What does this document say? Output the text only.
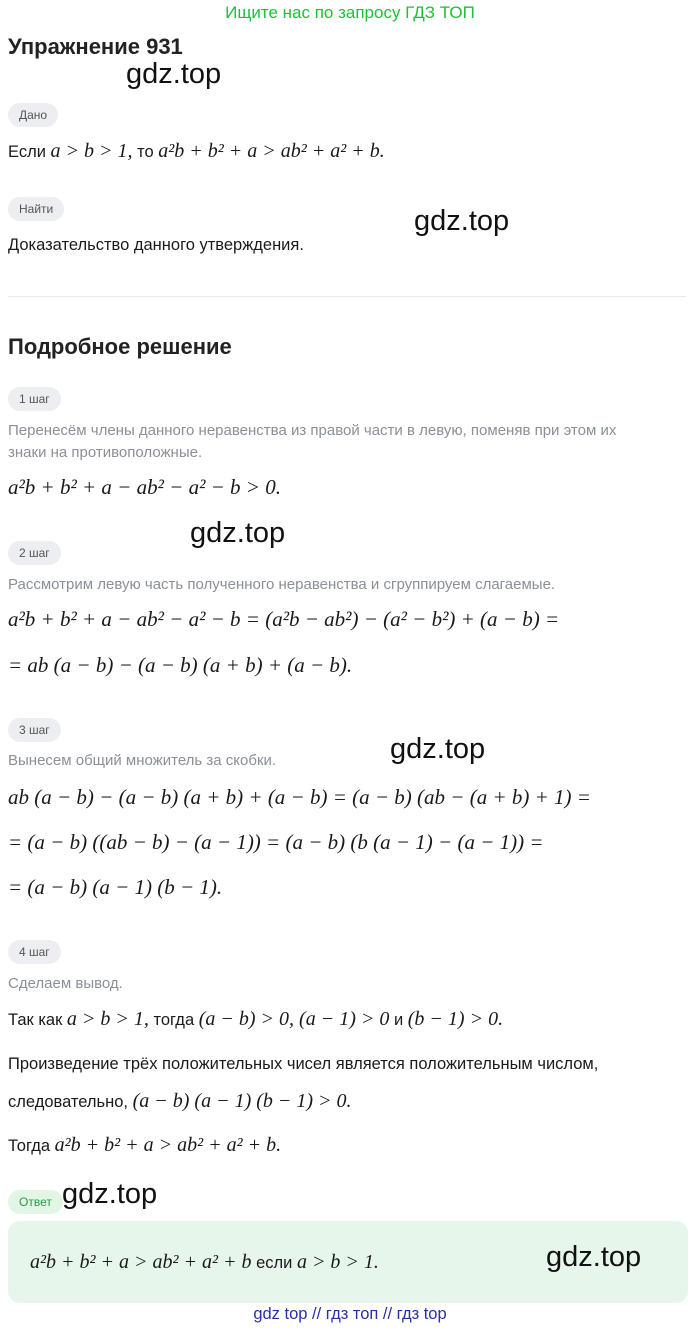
Ищите нас по запросу ГДЗ ТОП
Упражнение 931
gdz.top
Дано
Если a > b > 1, то a²b + b² + a > ab² + a² + b.
Найти	gdz.top
Доказательство данного утверждения.
Подробное решение
1 шаг
Перенесём члены данного неравенства из правой части в левую, поменяв при этом их
знаки на противоположные.
a²b + b² + a − ab² − a² − b > 0.
gdz.top
2 шаг
Рассмотрим левую часть полученного неравенства и сгруппируем слагаемые.
a²b + b² + a − ab² − a² − b = (a²b − ab²) − (a² − b²) + (a − b) =
= ab (a − b) − (a − b) (a + b) + (a − b).
3 шаг
gdz.top
Вынесем общий множитель за скобки.
ab (a − b) − (a − b) (a + b) + (a − b) = (a − b) (ab − (a + b) + 1) =
= (a − b) ((ab − b) − (a − 1)) = (a − b) (b (a − 1) − (a − 1)) =
= (a − b) (a − 1) (b − 1).
4 шаг
Сделаем вывод.
Так как a > b > 1, тогда (a − b) > 0, (a − 1) > 0 и (b − 1) > 0.
Произведение трёх положительных чисел является положительным числом,
следовательно, (a − b) (a − 1) (b − 1) > 0.
Тогда a²b + b² + a > ab² + a² + b.
Ответ gdz.top
a²b + b² + a > ab² + a² + b если a > b > 1.	gdz.top
gdz top // гдз топ // гдз top
